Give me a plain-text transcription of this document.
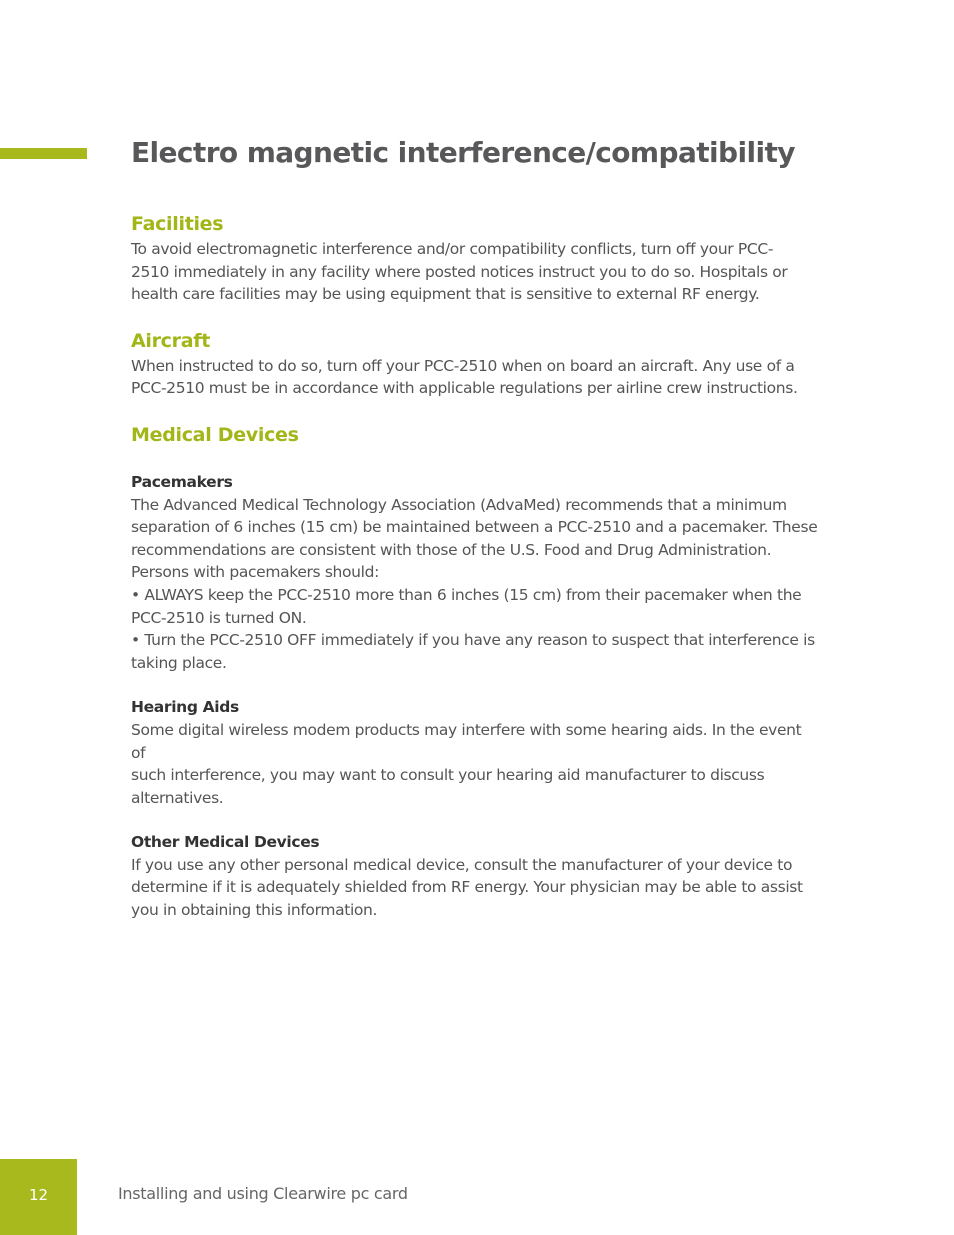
Electro magnetic interference/compatibility
Facilities

To avoid electromagnetic interference and/or compatibility conflicts, turn off your PCC-
2510 immediately in any facility where posted notices instruct you to do so. Hospitals or
health care facilities may be using equipment that is sensitive to external RF energy.

Aircraft

When instructed to do so, turn off your PCC-2510 when on board an aircraft. Any use of a
PCC-2510 must be in accordance with applicable regulations per airline crew instructions.

Medical Devices
Pacemakers

The Advanced Medical Technology Association (AdvaMed) recommends that a minimum
separation of 6 inches (15 cm) be maintained between a PCC-2510 and a pacemaker. These
recommendations are consistent with those of the U.S. Food and Drug Administration.
Persons with pacemakers should:
• ALWAYS keep the PCC-2510 more than 6 inches (15 cm) from their pacemaker when the
PCC-2510 is turned ON.
• Turn the PCC-2510 OFF immediately if you have any reason to suspect that interference is
taking place.

Hearing Aids

Some digital wireless modem products may interfere with some hearing aids. In the event
of
such interference, you may want to consult your hearing aid manufacturer to discuss
alternatives.

Other Medical Devices

If you use any other personal medical device, consult the manufacturer of your device to
determine if it is adequately shielded from RF energy. Your physician may be able to assist
you in obtaining this information.

12	Installing and using Clearwire pc card
